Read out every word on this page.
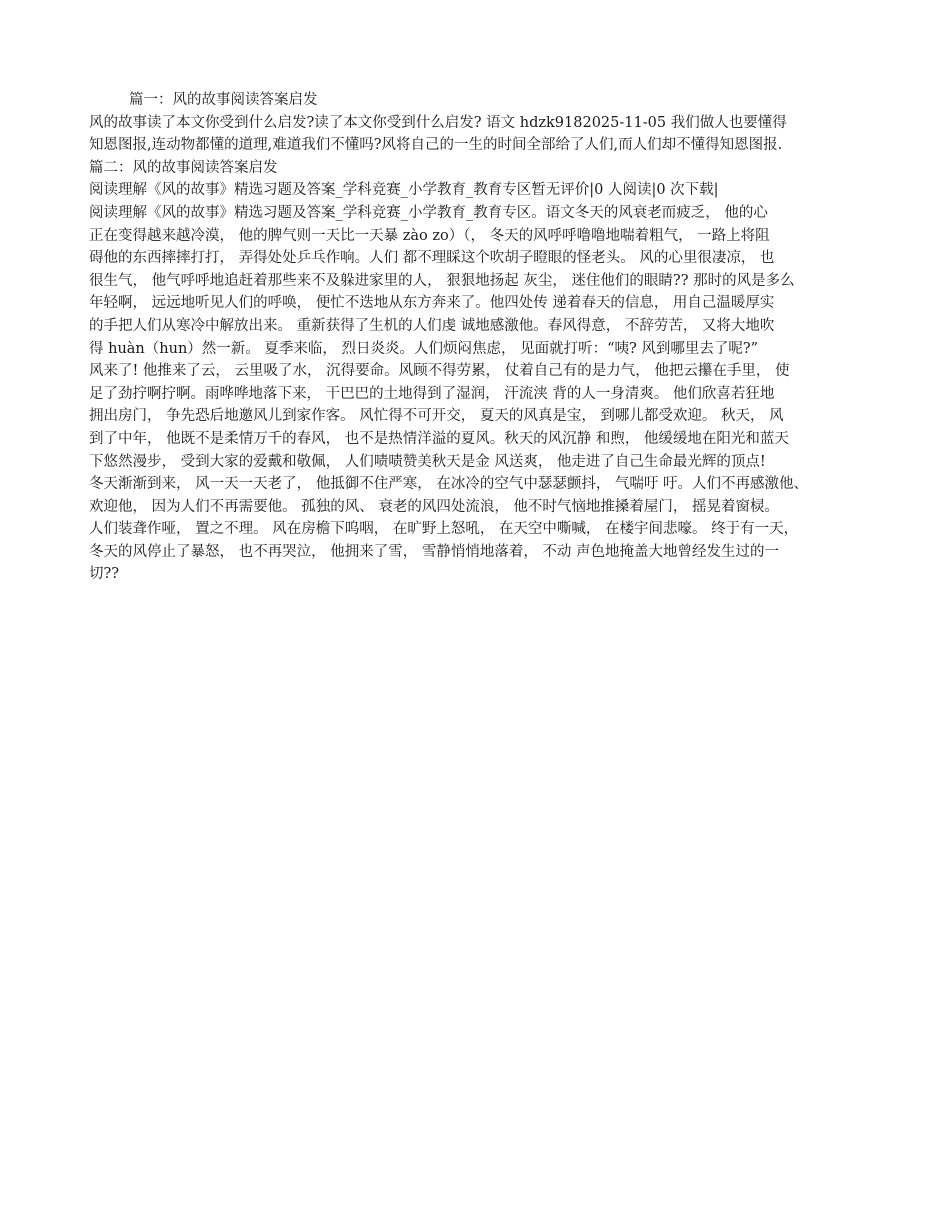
篇一：风的故事阅读答案启发
风的故事读了本文你受到什么启发?读了本文你受到什么启发? 语文 hdzk9182025-11-05 我们做人也要懂得
知恩图报,连动物都懂的道理,难道我们不懂吗?风将自己的一生的时间全部给了人们,而人们却不懂得知恩图报.
篇二：风的故事阅读答案启发
阅读理解《风的故事》精选习题及答案_学科竞赛_小学教育_教育专区暂无评价|0 人阅读|0 次下载|
阅读理解《风的故事》精选习题及答案_学科竞赛_小学教育_教育专区。语文冬天的风衰老而疲乏， 他的心
正在变得越来越冷漠， 他的脾气则一天比一天暴 zào zo）（， 冬天的风呼呼噜噜地喘着粗气， 一路上将阻
碍他的东西摔摔打打， 弄得处处乒乓作响。人们 都不理睬这个吹胡子瞪眼的怪老头。 风的心里很凄凉， 也
很生气， 他气呼呼地追赶着那些来不及躲进家里的人， 狠狠地扬起 灰尘， 迷住他们的眼睛?? 那时的风是多么
年轻啊， 远远地听见人们的呼唤， 便忙不迭地从东方奔来了。他四处传 递着春天的信息， 用自己温暖厚实
的手把人们从寒冷中解放出来。 重新获得了生机的人们虔 诚地感激他。春风得意， 不辞劳苦， 又将大地吹
得 huàn（hun）然一新。 夏季来临， 烈日炎炎。人们烦闷焦虑， 见面就打听：“咦? 风到哪里去了呢?”
风来了! 他推来了云， 云里吸了水， 沉得要命。风顾不得劳累， 仗着自己有的是力气， 他把云攥在手里， 使
足了劲拧啊拧啊。雨哗哗地落下来， 干巴巴的土地得到了湿润， 汗流浃 背的人一身清爽。 他们欣喜若狂地
拥出房门， 争先恐后地邀风儿到家作客。 风忙得不可开交， 夏天的风真是宝， 到哪儿都受欢迎。 秋天， 风
到了中年， 他既不是柔情万千的春风， 也不是热情洋溢的夏风。秋天的风沉静 和煦， 他缓缓地在阳光和蓝天
下悠然漫步， 受到大家的爱戴和敬佩， 人们啧啧赞美秋天是金 风送爽， 他走进了自己生命最光辉的顶点!
冬天渐渐到来， 风一天一天老了， 他抵御不住严寒， 在冰冷的空气中瑟瑟颤抖， 气喘吁 吁。人们不再感激他、
欢迎他， 因为人们不再需要他。 孤独的风、 衰老的风四处流浪， 他不时气恼地推搡着屋门， 摇晃着窗棂。
人们装聋作哑， 置之不理。 风在房檐下呜咽， 在旷野上怒吼， 在天空中嘶喊， 在楼宇间悲嚎。 终于有一天，
冬天的风停止了暴怒， 也不再哭泣， 他拥来了雪， 雪静悄悄地落着， 不动 声色地掩盖大地曾经发生过的一
切??
